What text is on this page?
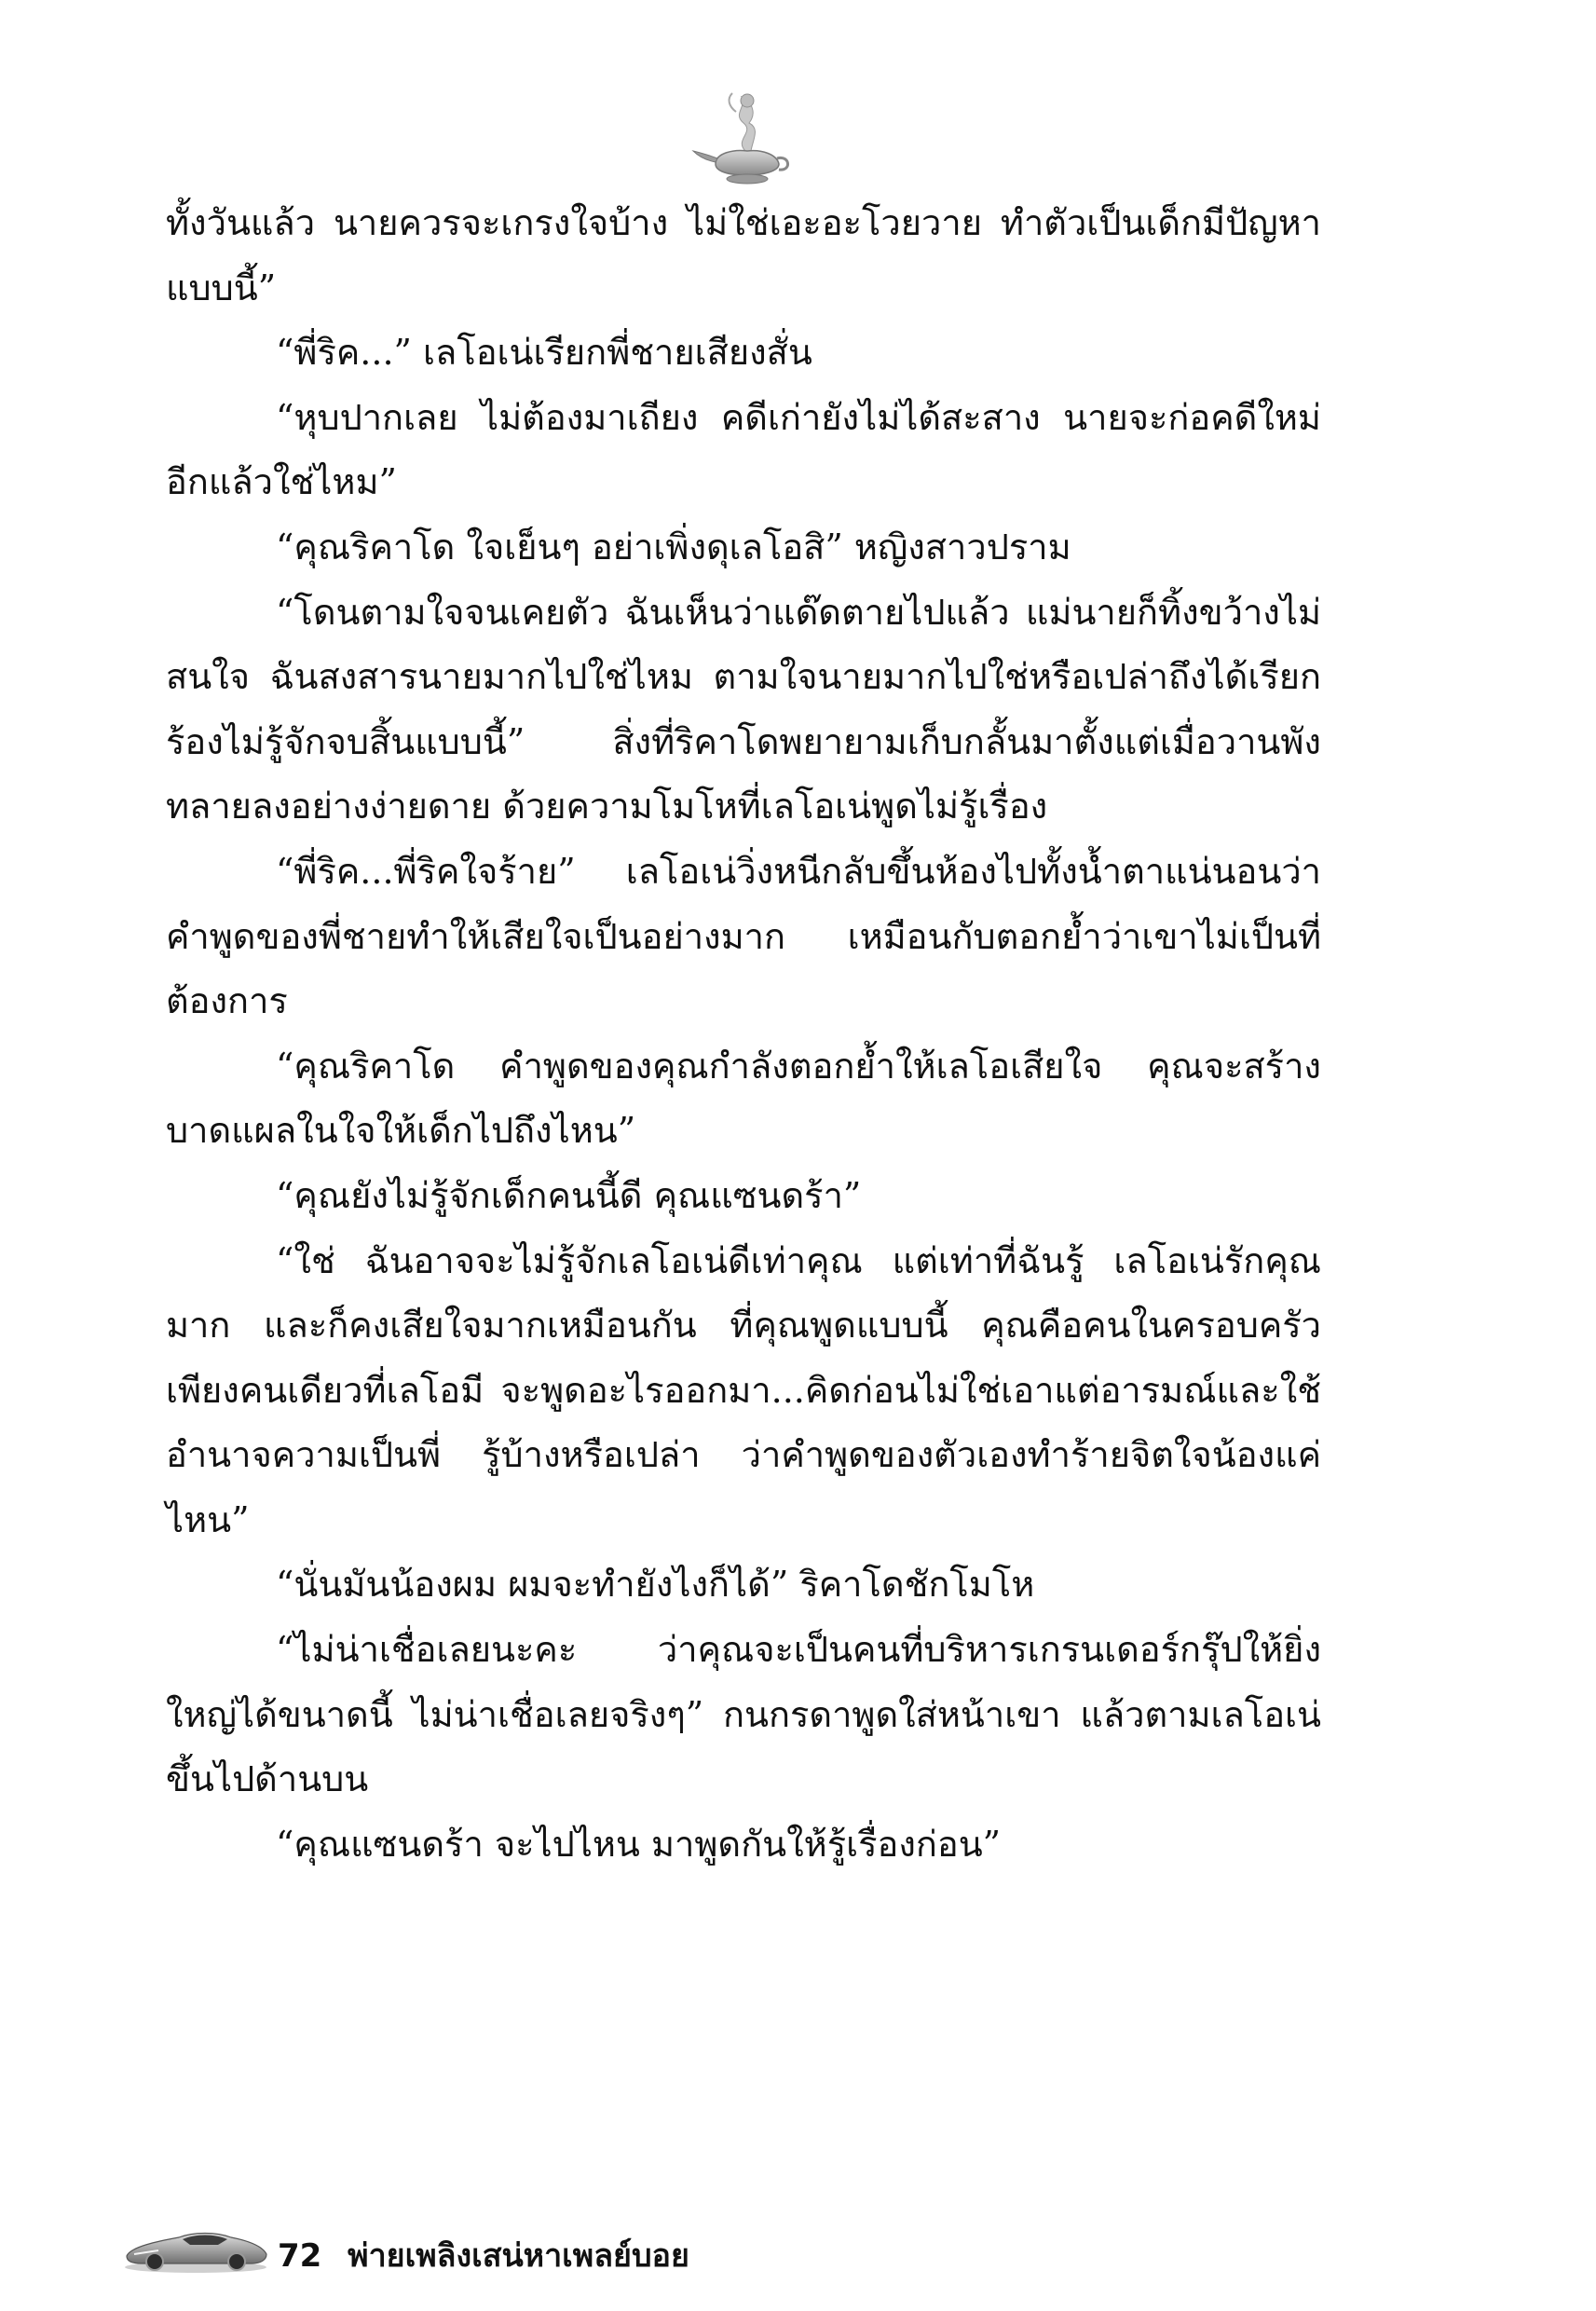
ทั้งวันแล้ว นายควรจะเกรงใจบ้าง ไม่ใช่เอะอะโวยวาย ทำตัวเป็นเด็กมีปัญหาแบบนี้”

“พี่ริค...” เลโอเน่เรียกพี่ชายเสียงสั่น

“หุบปากเลย ไม่ต้องมาเถียง คดีเก่ายังไม่ได้สะสาง นายจะก่อคดีใหม่อีกแล้วใช่ไหม”

“คุณริคาโด ใจเย็นๆ อย่าเพิ่งดุเลโอสิ” หญิงสาวปราม

“โดนตามใจจนเคยตัว ฉันเห็นว่าแด๊ดตายไปแล้ว แม่นายก็ทิ้งขว้างไม่สนใจ ฉันสงสารนายมากไปใช่ไหม ตามใจนายมากไปใช่หรือเปล่าถึงได้เรียกร้องไม่รู้จักจบสิ้นแบบนี้” สิ่งที่ริคาโดพยายามเก็บกลั้นมาตั้งแต่เมื่อวานพังทลายลงอย่างง่ายดาย ด้วยความโมโหที่เลโอเน่พูดไม่รู้เรื่อง

“พี่ริค...พี่ริคใจร้าย” เลโอเน่วิ่งหนีกลับขึ้นห้องไปทั้งน้ำตาแน่นอนว่าคำพูดของพี่ชายทำให้เสียใจเป็นอย่างมาก เหมือนกับตอกย้ำว่าเขาไม่เป็นที่ต้องการ

“คุณริคาโด คำพูดของคุณกำลังตอกย้ำให้เลโอเสียใจ คุณจะสร้างบาดแผลในใจให้เด็กไปถึงไหน”

“คุณยังไม่รู้จักเด็กคนนี้ดี คุณแซนดร้า”

“ใช่ ฉันอาจจะไม่รู้จักเลโอเน่ดีเท่าคุณ แต่เท่าที่ฉันรู้ เลโอเน่รักคุณมาก และก็คงเสียใจมากเหมือนกัน ที่คุณพูดแบบนี้ คุณคือคนในครอบครัวเพียงคนเดียวที่เลโอมี จะพูดอะไรออกมา...คิดก่อนไม่ใช่เอาแต่อารมณ์และใช้อำนาจความเป็นพี่ รู้บ้างหรือเปล่า ว่าคำพูดของตัวเองทำร้ายจิตใจน้องแค่ไหน”

“นั่นมันน้องผม ผมจะทำยังไงก็ได้” ริคาโดชักโมโห

“ไม่น่าเชื่อเลยนะคะ ว่าคุณจะเป็นคนที่บริหารเกรนเดอร์กรุ๊ปให้ยิ่งใหญ่ได้ขนาดนี้ ไม่น่าเชื่อเลยจริงๆ” กนกรดาพูดใส่หน้าเขา แล้วตามเลโอเน่ขึ้นไปด้านบน

“คุณแซนดร้า จะไปไหน มาพูดกันให้รู้เรื่องก่อน”

72 พ่ายเพลิงเสน่หาเพลย์บอย
